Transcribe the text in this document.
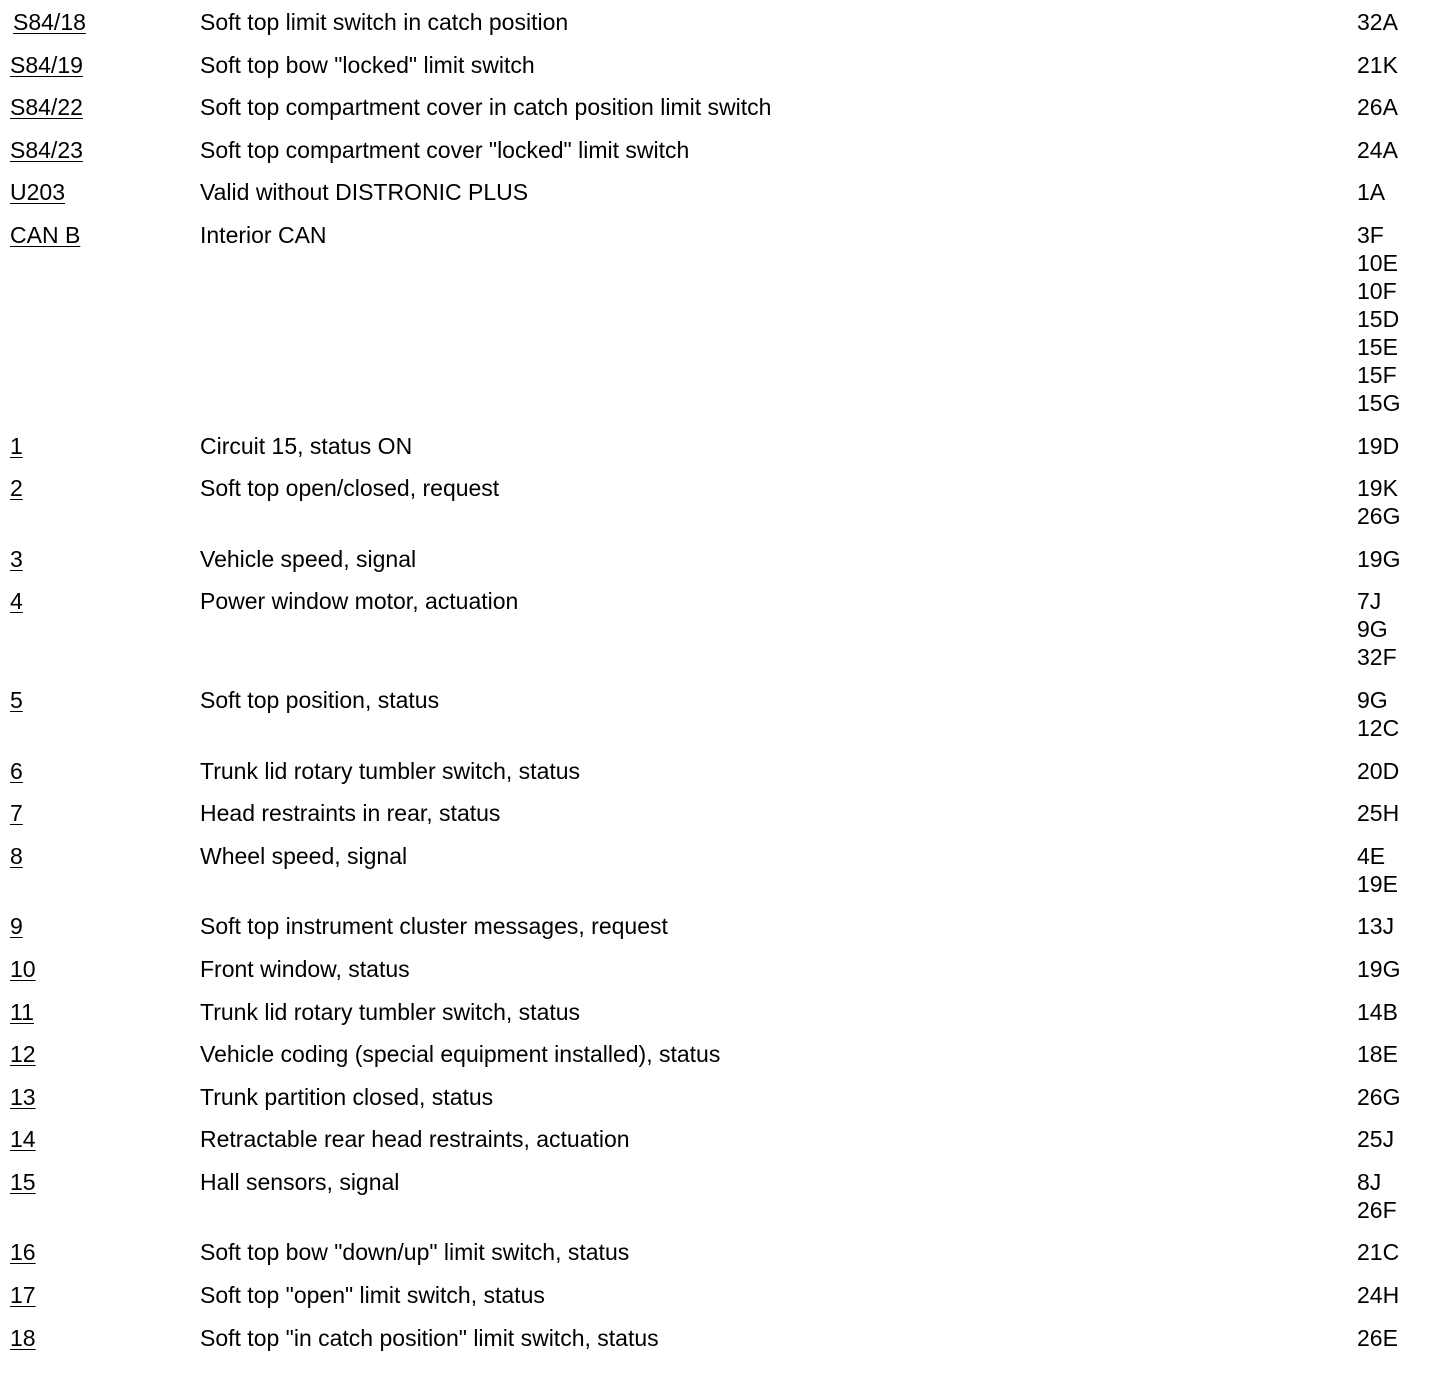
S84/18	Soft top limit switch in catch position	32A
S84/19	Soft top bow "locked" limit switch	21K
S84/22	Soft top compartment cover in catch position limit switch	26A
S84/23	Soft top compartment cover "locked" limit switch	24A
U203	Valid without DISTRONIC PLUS	1A
CAN B	Interior CAN	3F
10E
10F
15D
15E
15F
15G
1	Circuit 15, status ON	19D
2	Soft top open/closed, request	19K
26G
3	Vehicle speed, signal	19G
4	Power window motor, actuation	7J
9G
32F
5	Soft top position, status	9G
12C
6	Trunk lid rotary tumbler switch, status	20D
7	Head restraints in rear, status	25H
8	Wheel speed, signal	4E
19E
9	Soft top instrument cluster messages, request	13J
10	Front window, status	19G
11	Trunk lid rotary tumbler switch, status	14B
12	Vehicle coding (special equipment installed), status	18E
13	Trunk partition closed, status	26G
14	Retractable rear head restraints, actuation	25J
15	Hall sensors, signal	8J
26F
16	Soft top bow "down/up" limit switch, status	21C
17	Soft top "open" limit switch, status	24H
18	Soft top "in catch position" limit switch, status	26E
